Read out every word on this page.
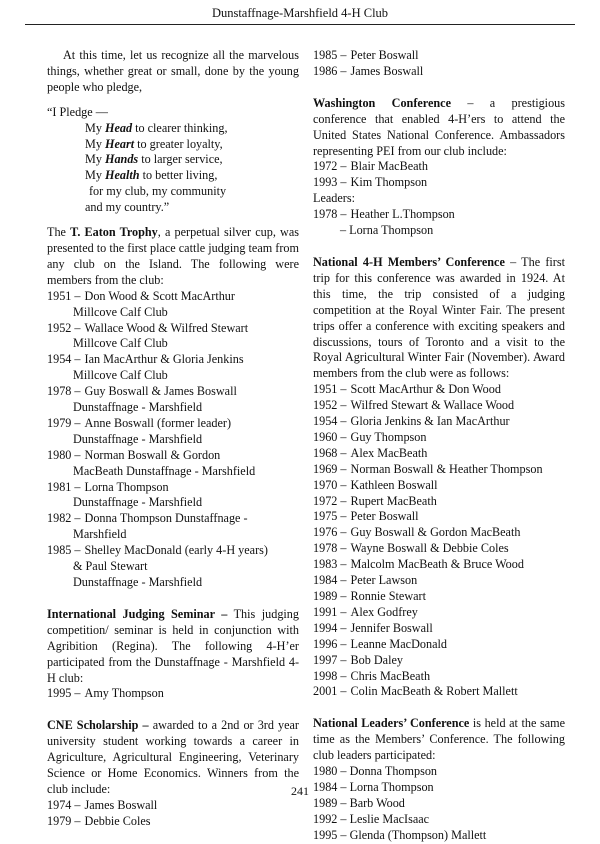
Dunstaffnage-Marshfield 4-H Club

At this time, let us recognize all the marvelous things, whether great or small, done by the young people who pledge,

“I Pledge —

My Head to clearer thinking,

My Heart to greater loyalty,

My Hands to larger service,

My Health to better living,

for my club, my community

and my country.”

The T. Eaton Trophy, a perpetual silver cup, was presented to the first place cattle judging team from any club on the Island. The following were members from the club:

1951 – Don Wood & Scott MacArthur
Millcove Calf Club
1952 – Wallace Wood & Wilfred Stewart
Millcove Calf Club
1954 – Ian MacArthur & Gloria Jenkins
Millcove Calf Club
1978 – Guy Boswall & James Boswall
Dunstaffnage - Marshfield
1979 – Anne Boswall (former leader)
Dunstaffnage - Marshfield
1980 – Norman Boswall & Gordon
MacBeath Dunstaffnage - Marshfield
1981 – Lorna Thompson
Dunstaffnage - Marshfield
1982 – Donna Thompson Dunstaffnage -
Marshfield
1985 – Shelley MacDonald (early 4-H years)
& Paul Stewart
Dunstaffnage - Marshfield

International Judging Seminar – This judging competition/ seminar is held in conjunction with Agribition (Regina). The following 4-H’er participated from the Dunstaffnage - Marshfield 4-H club:

1995 – Amy Thompson

CNE Scholarship – awarded to a 2nd or 3rd year university student working towards a career in Agriculture, Agricultural Engineering, Veterinary Science or Home Economics. Winners from the club include:

1974 – James Boswall
1979 – Debbie Coles
1985 – Peter Boswall
1986 – James Boswall

Washington Conference – a prestigious conference that enabled 4-H’ers to attend the United States National Conference. Ambassadors representing PEI from our club include:

1972 – Blair MacBeath
1993 – Kim Thompson

Leaders:

1978 – Heather L.Thompson
– Lorna Thompson

National 4-H Members’ Conference – The first trip for this conference was awarded in 1924. At this time, the trip consisted of a judging competition at the Royal Winter Fair. The present trips offer a conference with exciting speakers and discussions, tours of Toronto and a visit to the Royal Agricultural Winter Fair (November). Award members from the club were as follows:

1951 – Scott MacArthur & Don Wood
1952 – Wilfred Stewart & Wallace Wood
1954 – Gloria Jenkins & Ian MacArthur
1960 – Guy Thompson
1968 – Alex MacBeath
1969 – Norman Boswall & Heather Thompson
1970 – Kathleen Boswall
1972 – Rupert MacBeath
1975 – Peter Boswall
1976 – Guy Boswall & Gordon MacBeath
1978 – Wayne Boswall & Debbie Coles
1983 – Malcolm MacBeath & Bruce Wood
1984 – Peter Lawson
1989 – Ronnie Stewart
1991 – Alex Godfrey
1994 – Jennifer Boswall
1996 – Leanne MacDonald
1997 – Bob Daley
1998 – Chris MacBeath
2001 – Colin MacBeath & Robert Mallett

National Leaders’ Conference is held at the same time as the Members’ Conference. The following club leaders participated:

1980 – Donna Thompson

1984 – Lorna Thompson

1989 – Barb Wood

1992 – Leslie MacIsaac

1995 – Glenda (Thompson) Mallett

241
